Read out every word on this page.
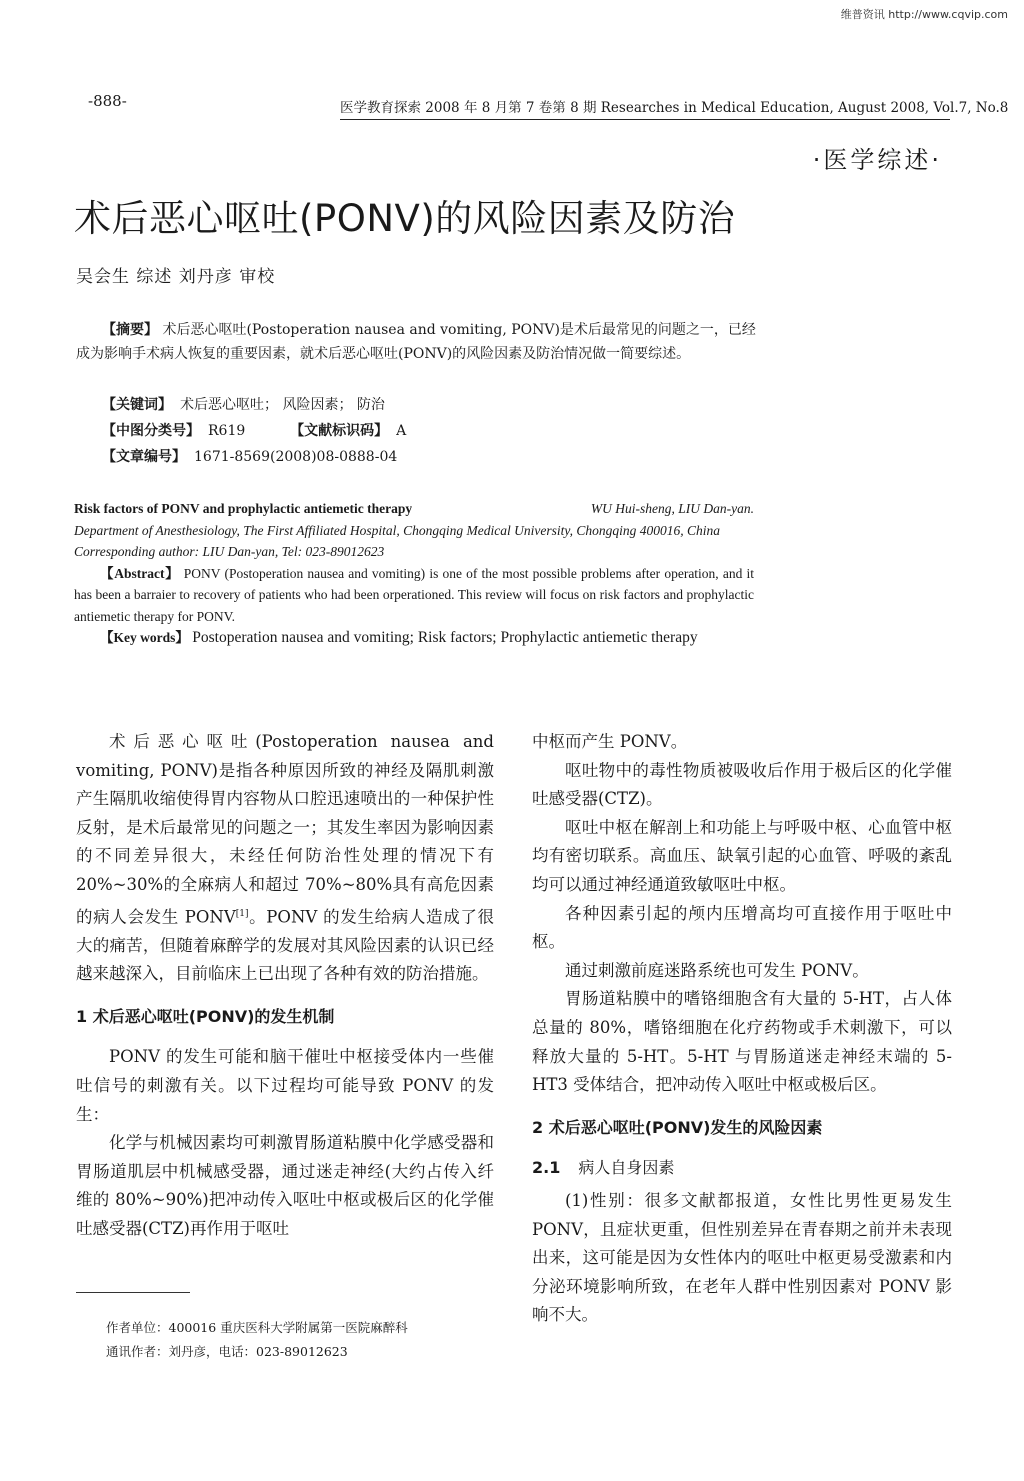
维普资讯 http://www.cqvip.com
-888-	医学教育探索 2008 年 8 月第 7 卷第 8 期 Researches in Medical Education, August 2008, Vol.7, No.8
·医学综述·
术后恶心呕吐(PONV)的风险因素及防治
吴会生 综述 刘丹彦 审校
【摘要】 术后恶心呕吐(Postoperation nausea and vomiting, PONV)是术后最常见的问题之一，已经成为影响手术病人恢复的重要因素，就术后恶心呕吐(PONV)的风险因素及防治情况做一简要综述。
【关键词】 术后恶心呕吐； 风险因素； 防治
【中图分类号】 R619	【文献标识码】 A
【文章编号】 1671-8569(2008)08-0888-04
Risk factors of PONV and prophylactic antiemetic therapy	WU Hui-sheng, LIU Dan-yan.
Department of Anesthesiology, The First Affiliated Hospital, Chongqing Medical University, Chongqing 400016, China
Corresponding author: LIU Dan-yan, Tel: 023-89012623
【Abstract】 PONV (Postoperation nausea and vomiting) is one of the most possible problems after operation, and it has been a barraier to recovery of patients who had been orperationed. This review will focus on risk factors and prophylactic antiemetic therapy for PONV.
【Key words】 Postoperation nausea and vomiting; Risk factors; Prophylactic antiemetic therapy

术后恶心呕吐(Postoperation nausea and vomiting, PONV)是指各种原因所致的神经及隔肌刺激产生隔肌收缩使得胃内容物从口腔迅速喷出的一种保护性反射，是术后最常见的问题之一；其发生率因为影响因素的不同差异很大，未经任何防治性处理的情况下有 20%~30%的全麻病人和超过 70%~80%具有高危因素的病人会发生 PONV[1]。PONV 的发生给病人造成了很大的痛苦，但随着麻醉学的发展对其风险因素的认识已经越来越深入，目前临床上已出现了各种有效的防治措施。

1 术后恶心呕吐(PONV)的发生机制

PONV 的发生可能和脑干催吐中枢接受体内一些催吐信号的刺激有关。以下过程均可能导致 PONV 的发生：

化学与机械因素均可刺激胃肠道粘膜中化学感受器和胃肠道肌层中机械感受器，通过迷走神经(大约占传入纤维的 80%~90%)把冲动传入呕吐中枢或极后区的化学催吐感受器(CTZ)再作用于呕吐

中枢而产生 PONV。

呕吐物中的毒性物质被吸收后作用于极后区的化学催吐感受器(CTZ)。

呕吐中枢在解剖上和功能上与呼吸中枢、心血管中枢均有密切联系。高血压、缺氧引起的心血管、呼吸的紊乱均可以通过神经通道致敏呕吐中枢。

各种因素引起的颅内压增高均可直接作用于呕吐中枢。

通过刺激前庭迷路系统也可发生 PONV。

胃肠道粘膜中的嗜铬细胞含有大量的 5-HT，占人体总量的 80%，嗜铬细胞在化疗药物或手术刺激下，可以释放大量的 5-HT。5-HT 与胃肠道迷走神经末端的 5-HT3 受体结合，把冲动传入呕吐中枢或极后区。

2 术后恶心呕吐(PONV)发生的风险因素
2.1 病人自身因素

(1)性别：很多文献都报道，女性比男性更易发生 PONV，且症状更重，但性别差异在青春期之前并未表现出来，这可能是因为女性体内的呕吐中枢更易受激素和内分泌环境影响所致，在老年人群中性别因素对 PONV 影响不大。

作者单位：400016 重庆医科大学附属第一医院麻醉科
通讯作者：刘丹彦，电话：023-89012623
